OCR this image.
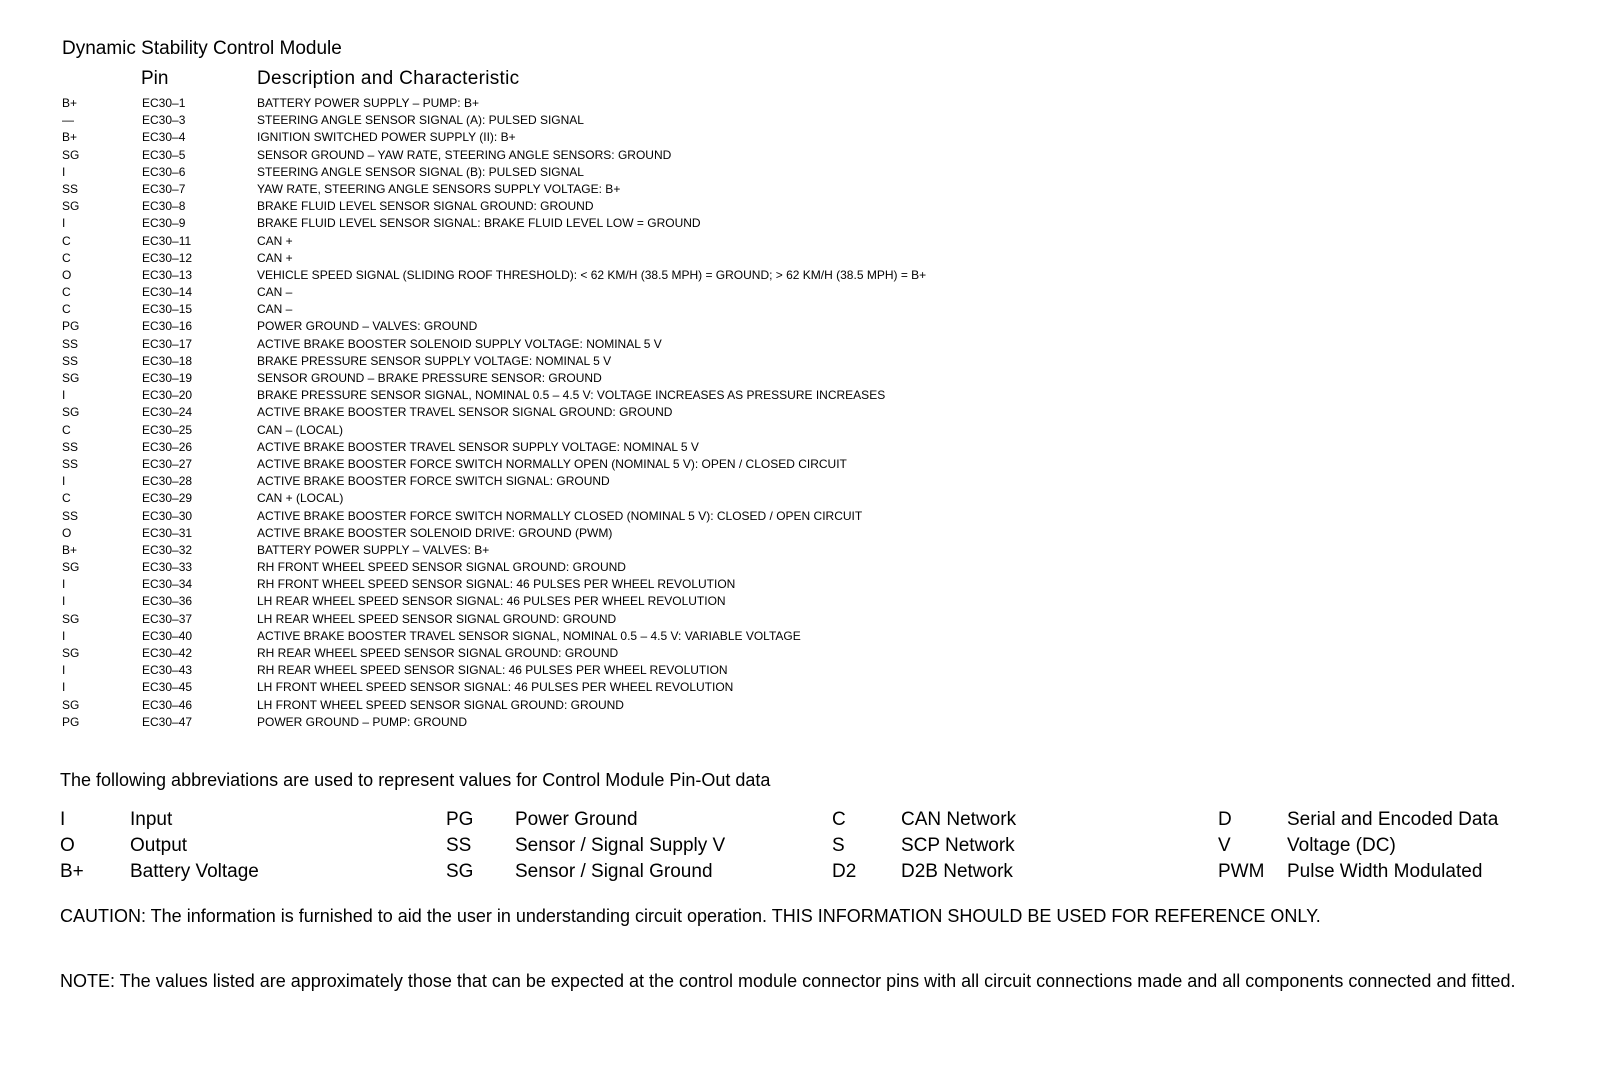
Dynamic Stability Control Module
Pin	Description and Characteristic
B+	EC30–1	BATTERY POWER SUPPLY – PUMP: B+
—	EC30–3	STEERING ANGLE SENSOR SIGNAL (A): PULSED SIGNAL
B+	EC30–4	IGNITION SWITCHED POWER SUPPLY (II): B+
SG	EC30–5	SENSOR GROUND – YAW RATE, STEERING ANGLE SENSORS: GROUND
I	EC30–6	STEERING ANGLE SENSOR SIGNAL (B): PULSED SIGNAL
SS	EC30–7	YAW RATE, STEERING ANGLE SENSORS SUPPLY VOLTAGE: B+
SG	EC30–8	BRAKE FLUID LEVEL SENSOR SIGNAL GROUND: GROUND
I	EC30–9	BRAKE FLUID LEVEL SENSOR SIGNAL: BRAKE FLUID LEVEL LOW = GROUND
C	EC30–11	CAN +
C	EC30–12	CAN +
O	EC30–13	VEHICLE SPEED SIGNAL (SLIDING ROOF THRESHOLD): < 62 KM/H (38.5 MPH) = GROUND; > 62 KM/H (38.5 MPH) = B+
C	EC30–14	CAN –
C	EC30–15	CAN –
PG	EC30–16	POWER GROUND – VALVES: GROUND
SS	EC30–17	ACTIVE BRAKE BOOSTER SOLENOID SUPPLY VOLTAGE: NOMINAL 5 V
SS	EC30–18	BRAKE PRESSURE SENSOR SUPPLY VOLTAGE: NOMINAL 5 V
SG	EC30–19	SENSOR GROUND – BRAKE PRESSURE SENSOR: GROUND
I	EC30–20	BRAKE PRESSURE SENSOR SIGNAL, NOMINAL 0.5 – 4.5 V: VOLTAGE INCREASES AS PRESSURE INCREASES
SG	EC30–24	ACTIVE BRAKE BOOSTER TRAVEL SENSOR SIGNAL GROUND: GROUND
C	EC30–25	CAN – (LOCAL)
SS	EC30–26	ACTIVE BRAKE BOOSTER TRAVEL SENSOR SUPPLY VOLTAGE: NOMINAL 5 V
SS	EC30–27	ACTIVE BRAKE BOOSTER FORCE SWITCH NORMALLY OPEN (NOMINAL 5 V): OPEN / CLOSED CIRCUIT
I	EC30–28	ACTIVE BRAKE BOOSTER FORCE SWITCH SIGNAL: GROUND
C	EC30–29	CAN + (LOCAL)
SS	EC30–30	ACTIVE BRAKE BOOSTER FORCE SWITCH NORMALLY CLOSED (NOMINAL 5 V): CLOSED / OPEN CIRCUIT
O	EC30–31	ACTIVE BRAKE BOOSTER SOLENOID DRIVE: GROUND (PWM)
B+	EC30–32	BATTERY POWER SUPPLY – VALVES: B+
SG	EC30–33	RH FRONT WHEEL SPEED SENSOR SIGNAL GROUND: GROUND
I	EC30–34	RH FRONT WHEEL SPEED SENSOR SIGNAL: 46 PULSES PER WHEEL REVOLUTION
I	EC30–36	LH REAR WHEEL SPEED SENSOR SIGNAL: 46 PULSES PER WHEEL REVOLUTION
SG	EC30–37	LH REAR WHEEL SPEED SENSOR SIGNAL GROUND: GROUND
I	EC30–40	ACTIVE BRAKE BOOSTER TRAVEL SENSOR SIGNAL, NOMINAL 0.5 – 4.5 V: VARIABLE VOLTAGE
SG	EC30–42	RH REAR WHEEL SPEED SENSOR SIGNAL GROUND: GROUND
I	EC30–43	RH REAR WHEEL SPEED SENSOR SIGNAL: 46 PULSES PER WHEEL REVOLUTION
I	EC30–45	LH FRONT WHEEL SPEED SENSOR SIGNAL: 46 PULSES PER WHEEL REVOLUTION
SG	EC30–46	LH FRONT WHEEL SPEED SENSOR SIGNAL GROUND: GROUND
PG	EC30–47	POWER GROUND – PUMP: GROUND
The following abbreviations are used to represent values for Control Module Pin-Out data
I	Input	PG Power Ground	C	CAN Network	D	Serial and Encoded Data
O	Output	SS Sensor / Signal Supply V	S	SCP Network	V	Voltage (DC)
B+ Battery Voltage	SG Sensor / Signal Ground	D2 D2B Network	PWM Pulse Width Modulated
CAUTION: The information is furnished to aid the user in understanding circuit operation. THIS INFORMATION SHOULD BE USED FOR REFERENCE ONLY.
NOTE: The values listed are approximately those that can be expected at the control module connector pins with all circuit connections made and all components connected and fitted.
